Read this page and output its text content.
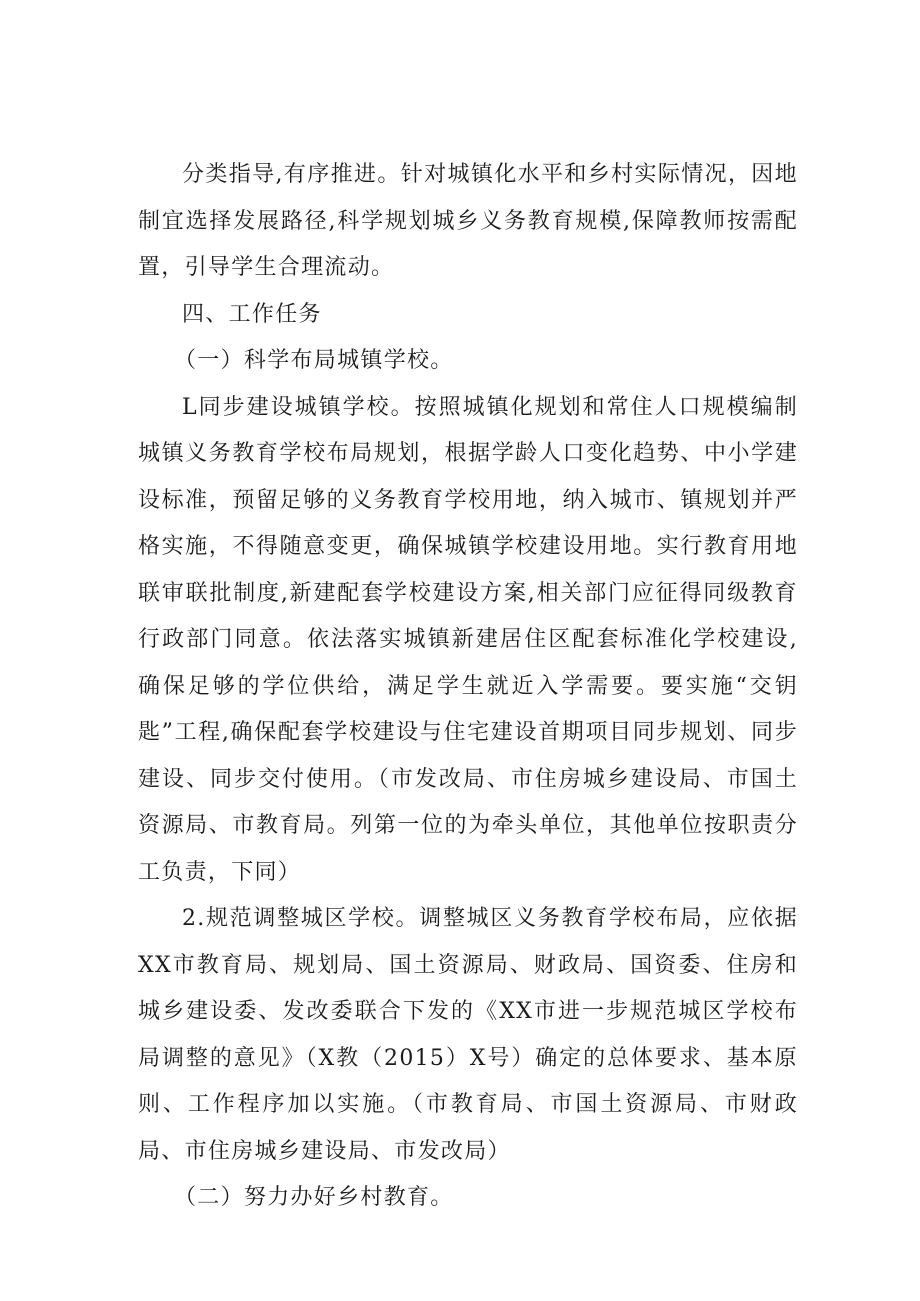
分类指导,有序推进。针对城镇化水平和乡村实际情况，因地制宜选择发展路径,科学规划城乡义务教育规模,保障教师按需配置，引导学生合理流动。

四、工作任务

（一）科学布局城镇学校。

L同步建设城镇学校。按照城镇化规划和常住人口规模编制城镇义务教育学校布局规划，根据学龄人口变化趋势、中小学建设标准，预留足够的义务教育学校用地，纳入城市、镇规划并严格实施，不得随意变更，确保城镇学校建设用地。实行教育用地联审联批制度,新建配套学校建设方案,相关部门应征得同级教育行政部门同意。依法落实城镇新建居住区配套标准化学校建设,确保足够的学位供给，满足学生就近入学需要。要实施“交钥匙”工程,确保配套学校建设与住宅建设首期项目同步规划、同步建设、同步交付使用。（市发改局、市住房城乡建设局、市国土资源局、市教育局。列第一位的为牵头单位，其他单位按职责分工负责，下同）

2.规范调整城区学校。调整城区义务教育学校布局，应依据XX市教育局、规划局、国土资源局、财政局、国资委、住房和城乡建设委、发改委联合下发的《XX市进一步规范城区学校布局调整的意见》（X教（2015）X号）确定的总体要求、基本原则、工作程序加以实施。（市教育局、市国土资源局、市财政局、市住房城乡建设局、市发改局）

（二）努力办好乡村教育。
